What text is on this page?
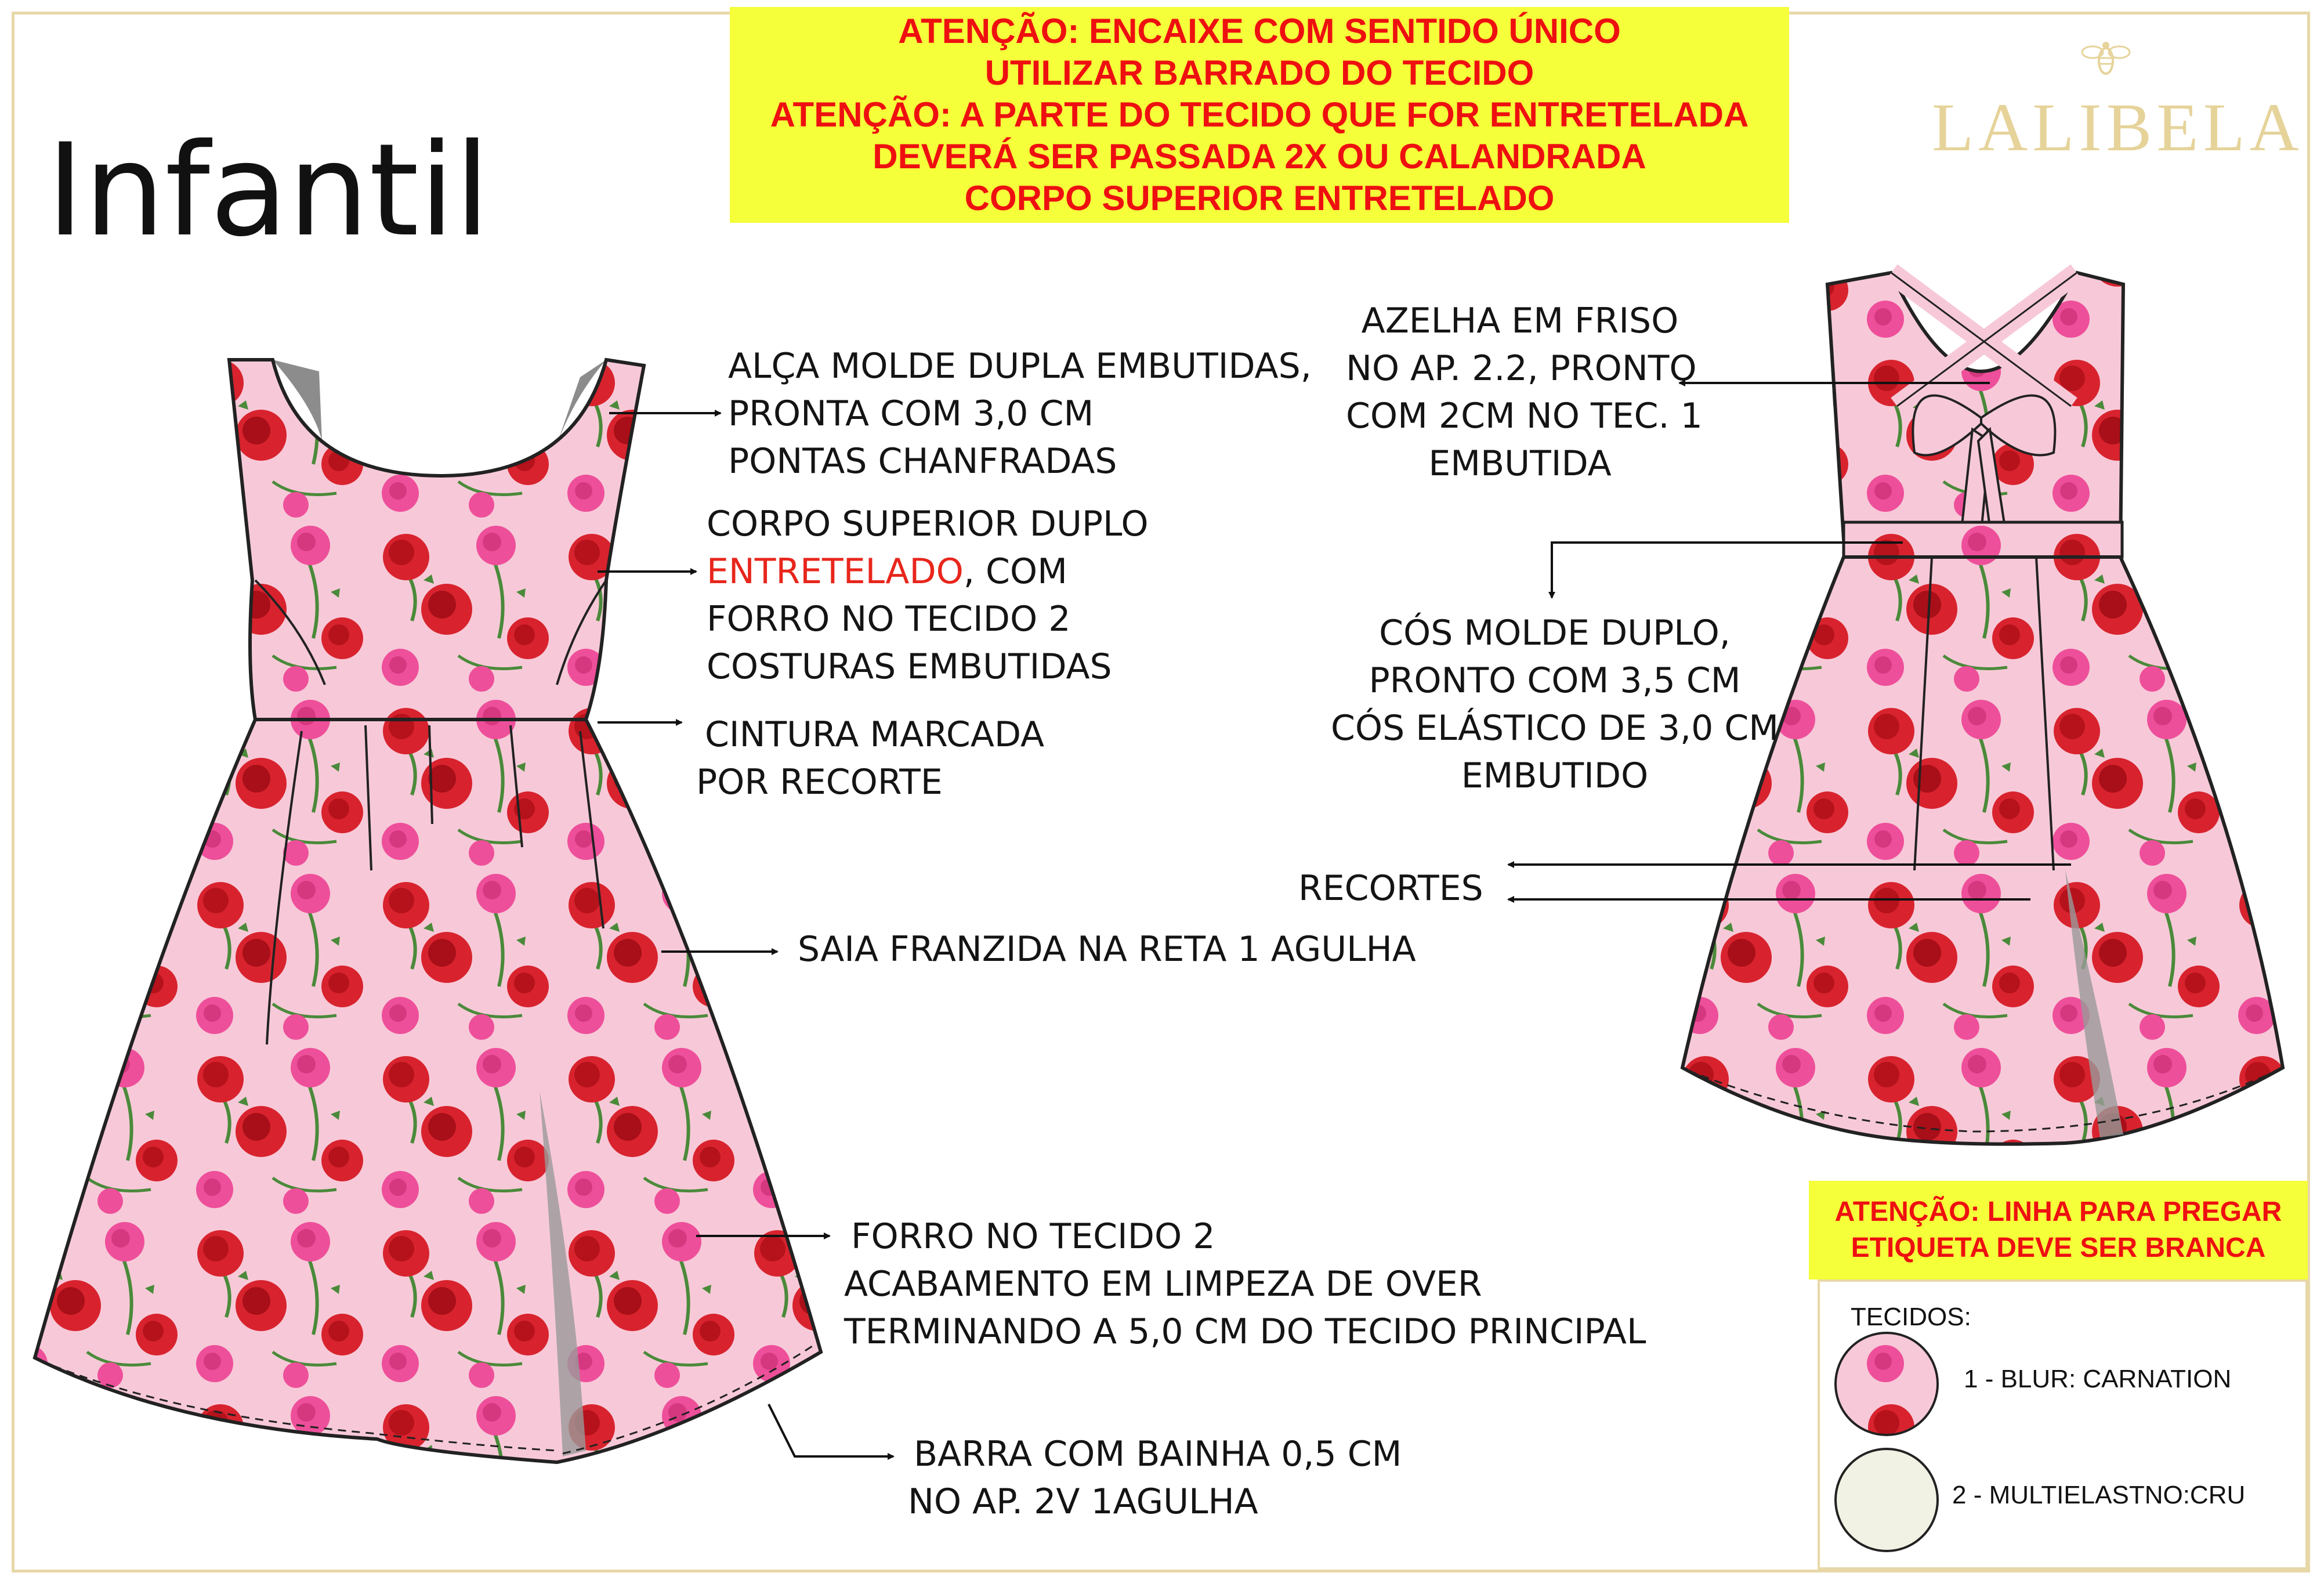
Infantil
ATENÇÃO: ENCAIXE COM SENTIDO ÚNICO
UTILIZAR BARRADO DO TECIDO
ATENÇÃO: A PARTE DO TECIDO QUE FOR ENTRETELADA
DEVERÁ SER PASSADA 2X OU CALANDRADA
CORPO SUPERIOR ENTRETELADO
LALIBELA
ALÇA MOLDE DUPLA EMBUTIDAS,
PRONTA COM 3,0 CM
PONTAS CHANFRADAS
CORPO SUPERIOR DUPLO
ENTRETELADO, COM
FORRO NO TECIDO 2
COSTURAS EMBUTIDAS
CINTURA MARCADA
POR RECORTE
SAIA FRANZIDA NA RETA 1 AGULHA
FORRO NO TECIDO 2
ACABAMENTO EM LIMPEZA DE OVER
TERMINANDO A 5,0 CM DO TECIDO PRINCIPAL
BARRA COM BAINHA 0,5 CM
NO AP. 2V 1AGULHA
AZELHA EM FRISO
NO AP. 2.2, PRONTO
COM 2CM NO TEC. 1
EMBUTIDA
CÓS MOLDE DUPLO,
PRONTO COM 3,5 CM
CÓS ELÁSTICO DE 3,0 CM
EMBUTIDO
RECORTES
ATENÇÃO: LINHA PARA PREGAR
ETIQUETA DEVE SER BRANCA
TECIDOS:
1 - BLUR: CARNATION
2 - MULTIELASTNO:CRU
